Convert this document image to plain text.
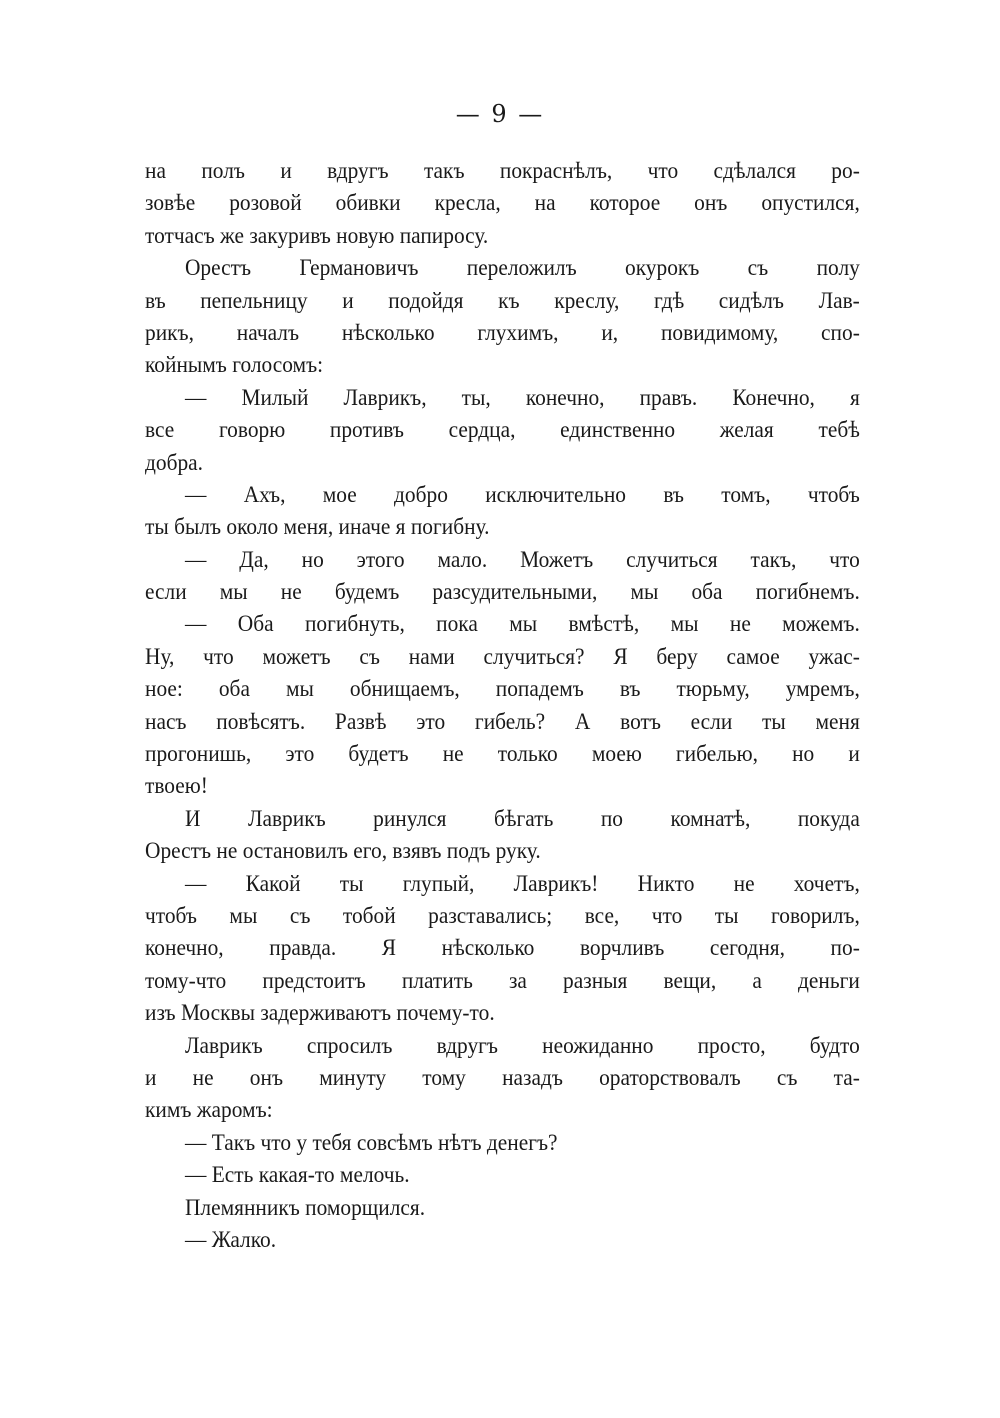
— 9 —
на полъ и вдругъ такъ покраснѣлъ, что сдѣлался ро-
зовѣе розовой обивки кресла, на которое онъ опустился,
тотчасъ же закуривъ новую папиросу.
Орестъ Германовичъ переложилъ окурокъ съ полу
въ пепельницу и подойдя къ креслу, гдѣ сидѣлъ Лав-
рикъ, началъ нѣсколько глухимъ, и, повидимому, спо-
койнымъ голосомъ:
— Милый Лаврикъ, ты, конечно, правъ. Конечно, я
все говорю противъ сердца, единственно желая тебѣ
добра.
— Ахъ, мое добро исключительно въ томъ, чтобъ
ты былъ около меня, иначе я погибну.
— Да, но этого мало. Можетъ случиться такъ, что
если мы не будемъ разсудительными, мы оба погибнемъ.
— Оба погибнуть, пока мы вмѣстѣ, мы не можемъ.
Ну, что можетъ съ нами случиться? Я беру самое ужас-
ное: оба мы обнищаемъ, попадемъ въ тюрьму, умремъ,
насъ повѣсятъ. Развѣ это гибель? А вотъ если ты меня
прогонишь, это будетъ не только моею гибелью, но и
твоею!
И Лаврикъ ринулся бѣгать по комнатѣ, покуда
Орестъ не остановилъ его, взявъ подъ руку.
— Какой ты глупый, Лаврикъ! Никто не хочетъ,
чтобъ мы съ тобой разставались; все, что ты говорилъ,
конечно, правда. Я нѣсколько ворчливъ сегодня, по-
тому-что предстоитъ платить за разныя вещи, а деньги
изъ Москвы задерживаютъ почему-то.
Лаврикъ спросилъ вдругъ неожиданно просто, будто
и не онъ минуту тому назадъ ораторствовалъ съ та-
кимъ жаромъ:
— Такъ что у тебя совсѣмъ нѣтъ денегъ?
— Есть какая-то мелочь.
Племянникъ поморщился.
— Жалко.
